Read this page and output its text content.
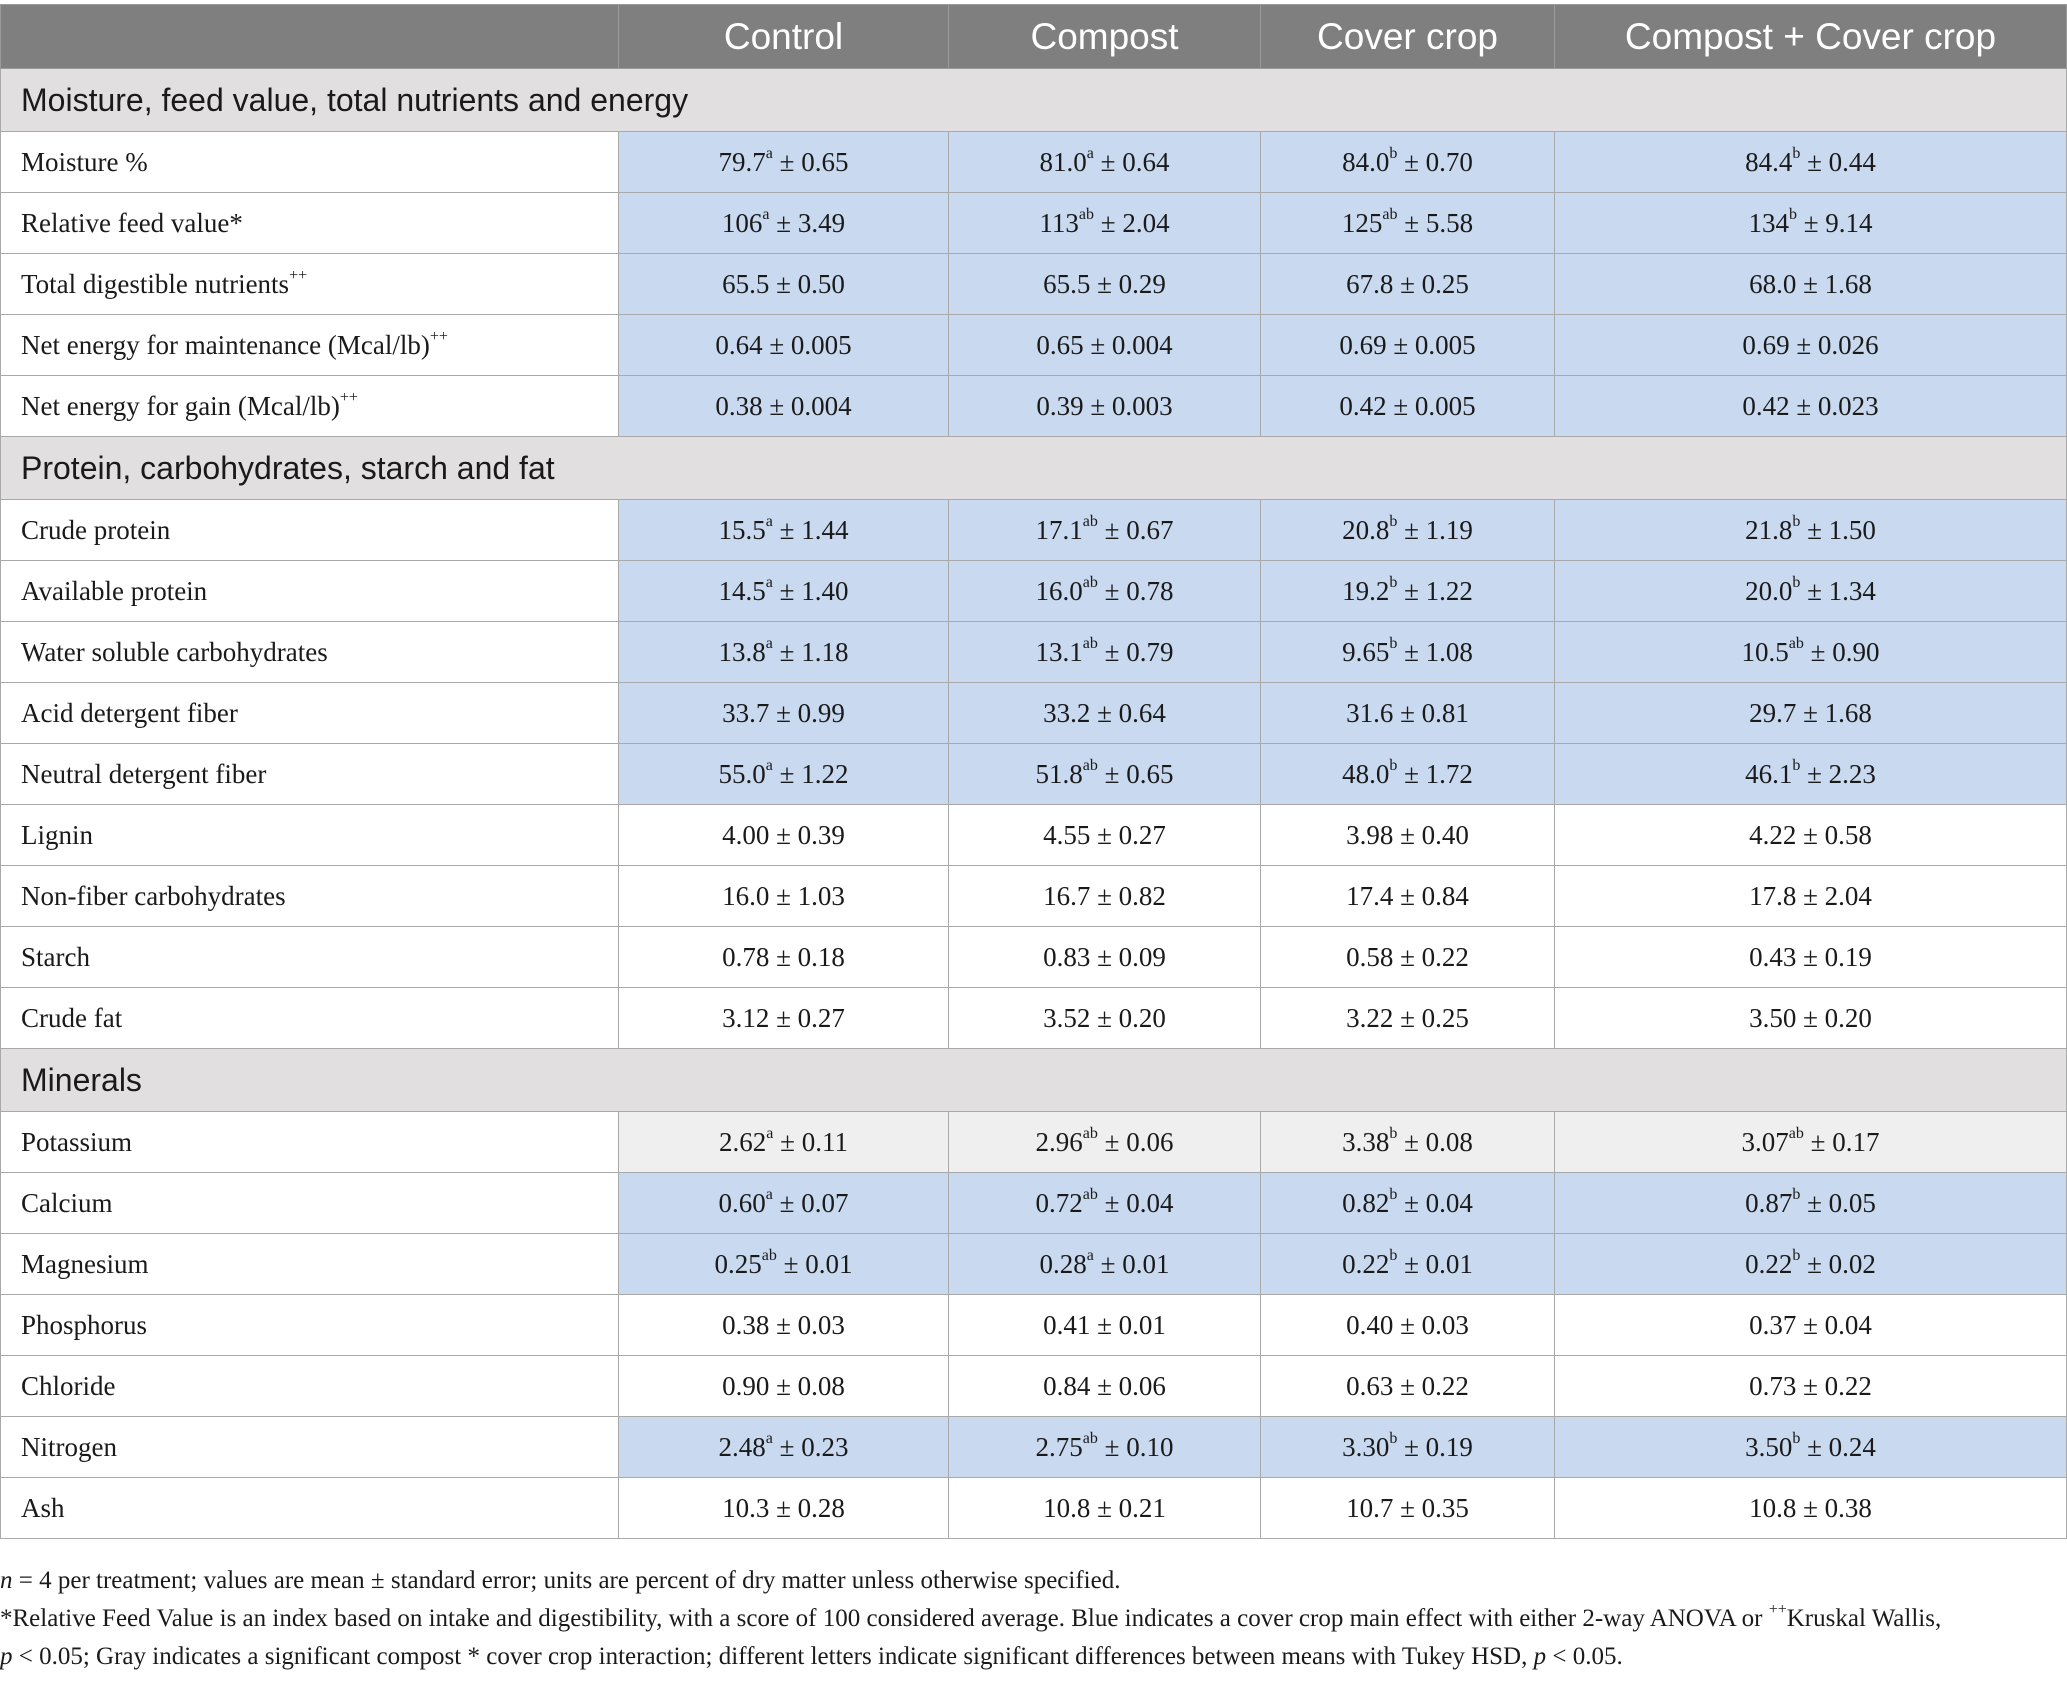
	Control	Compost	Cover crop	Compost + Cover crop
Moisture, feed value, total nutrients and energy				
Moisture %	79.7$^a$ ± 0.65	81.0$^a$ ± 0.64	84.0$^b$ ± 0.70	84.4$^b$ ± 0.44
Relative feed value*	$106^a \pm 3.49$	$113^{ab} \pm 2.04$	$125^{ab} \pm 5.58$	$134^b \pm 9.14$
Total digestible nutrients++	65.5 ± 0.50	65.5 ± 0.29	67.8 ± 0.25	68.0 ± 1.68
Net energy for maintenance (Mcal/lb)++	0.64 ± 0.005	0.65 ± 0.004	0.69 ± 0.005	0.69 ± 0.026
Net energy for gain (Mcal/lb)++	0.38 ± 0.004	0.39 ± 0.003	0.42 ± 0.005	0.42 ± 0.023
Protein, carbohydrates, starch and fat				
Crude protein	15.5$^a$ ± 1.44	17.1$^{ab}$ ± 0.67	20.8$^b$ ± 1.19	21.8$^b$ ± 1.50
Available protein	14.5$^a$ ± 1.40	16.0$^{ab}$ ± 0.78	19.2$^b$ ± 1.22	20.0$^b$ ± 1.34
Water soluble carbohydrates	13.8$^a$ ± 1.18	13.1$^{ab}$ ± 0.79	9.65$^b$ ± 1.08	10.5$^{ab}$ ± 0.90
Acid detergent fiber	33.7 ± 0.99	33.2 ± 0.64	31.6 ± 0.81	29.7 ± 1.68
Neutral detergent fiber	55.0$^a$ ± 1.22	51.8$^{ab}$ ± 0.65	48.0$^b$ ± 1.72	46.1$^b$ ± 2.23
Lignin	4.00 ± 0.39	4.55 ± 0.27	3.98 ± 0.40	4.22 ± 0.58
Non-fiber carbohydrates	16.0 ± 1.03	16.7 ± 0.82	17.4 ± 0.84	17.8 ± 2.04
Starch	0.78 ± 0.18	0.83 ± 0.09	0.58 ± 0.22	0.43 ± 0.19
Crude fat	3.12 ± 0.27	3.52 ± 0.20	3.22 ± 0.25	3.50 ± 0.20
Minerals				
Potassium	2.62$^a$ ± 0.11	2.96$^{ab}$ ± 0.06	3.38$^b$ ± 0.08	3.07$^{ab}$ ± 0.17
Calcium	0.60$^a$ ± 0.07	0.72$^{ab}$ ± 0.04	0.82$^b$ ± 0.04	0.87$^b$ ± 0.05
Magnesium	0.25$^{ab}$ ± 0.01	0.28$^a$ ± 0.01	0.22$^b$ ± 0.01	0.22$^b$ ± 0.02
Phosphorus	0.38 ± 0.03	0.41 ± 0.01	0.40 ± 0.03	0.37 ± 0.04
Chloride	0.90 ± 0.08	0.84 ± 0.06	0.63 ± 0.22	0.73 ± 0.22
Nitrogen	2.48$^a$ ± 0.23	2.75$^{ab}$ ± 0.10	3.30$^b$ ± 0.19	3.50$^b$ ± 0.24
Ash	10.3 ± 0.28	10.8 ± 0.21	10.7 ± 0.35	10.8 ± 0.38

n = 4 per treatment; values are mean ± standard error; units are percent of dry matter unless otherwise specified.

*Relative Feed Value is an index based on intake and digestibility, with a score of 100 considered average. Blue indicates a cover crop main effect with either 2-way ANOVA or ++Kruskal Wallis,

p < 0.05; Gray indicates a significant compost * cover crop interaction; different letters indicate significant differences between means with Tukey HSD, p < 0.05.
